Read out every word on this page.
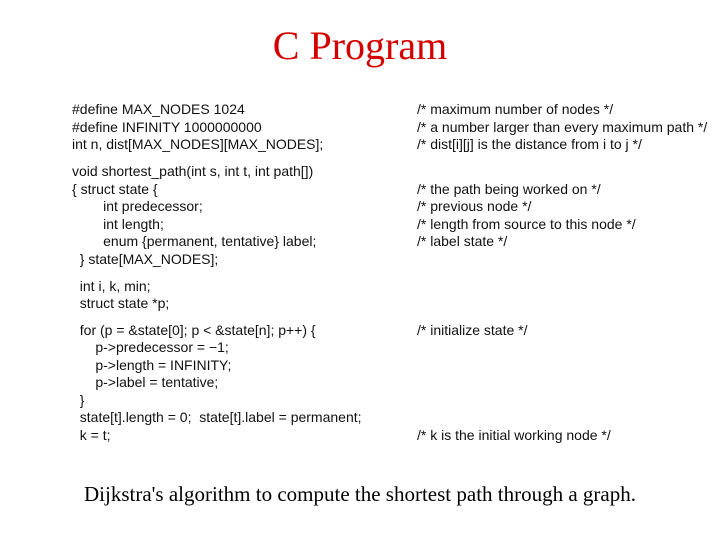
C Program
#define MAX_NODES 1024	/* maximum number of nodes */
#define INFINITY 1000000000	/* a number larger than every maximum path */
int n, dist[MAX_NODES][MAX_NODES];	/* dist[i][j] is the distance from i to j */
void shortest_path(int s, int t, int path[])
{ struct state {	/* the path being worked on */
int predecessor;	/* previous node */
int length;	/* length from source to this node */
enum {permanent, tentative} label;	/* label state */
} state[MAX_NODES];
int i, k, min;
struct state *p;
for (p = &state[0]; p < &state[n]; p++) {	/* initialize state */
p->predecessor = −1;
p->length = INFINITY;
p->label = tentative;
}
state[t].length = 0;  state[t].label = permanent;
k = t;	/* k is the initial working node */
Dijkstra's algorithm to compute the shortest path through a graph.
